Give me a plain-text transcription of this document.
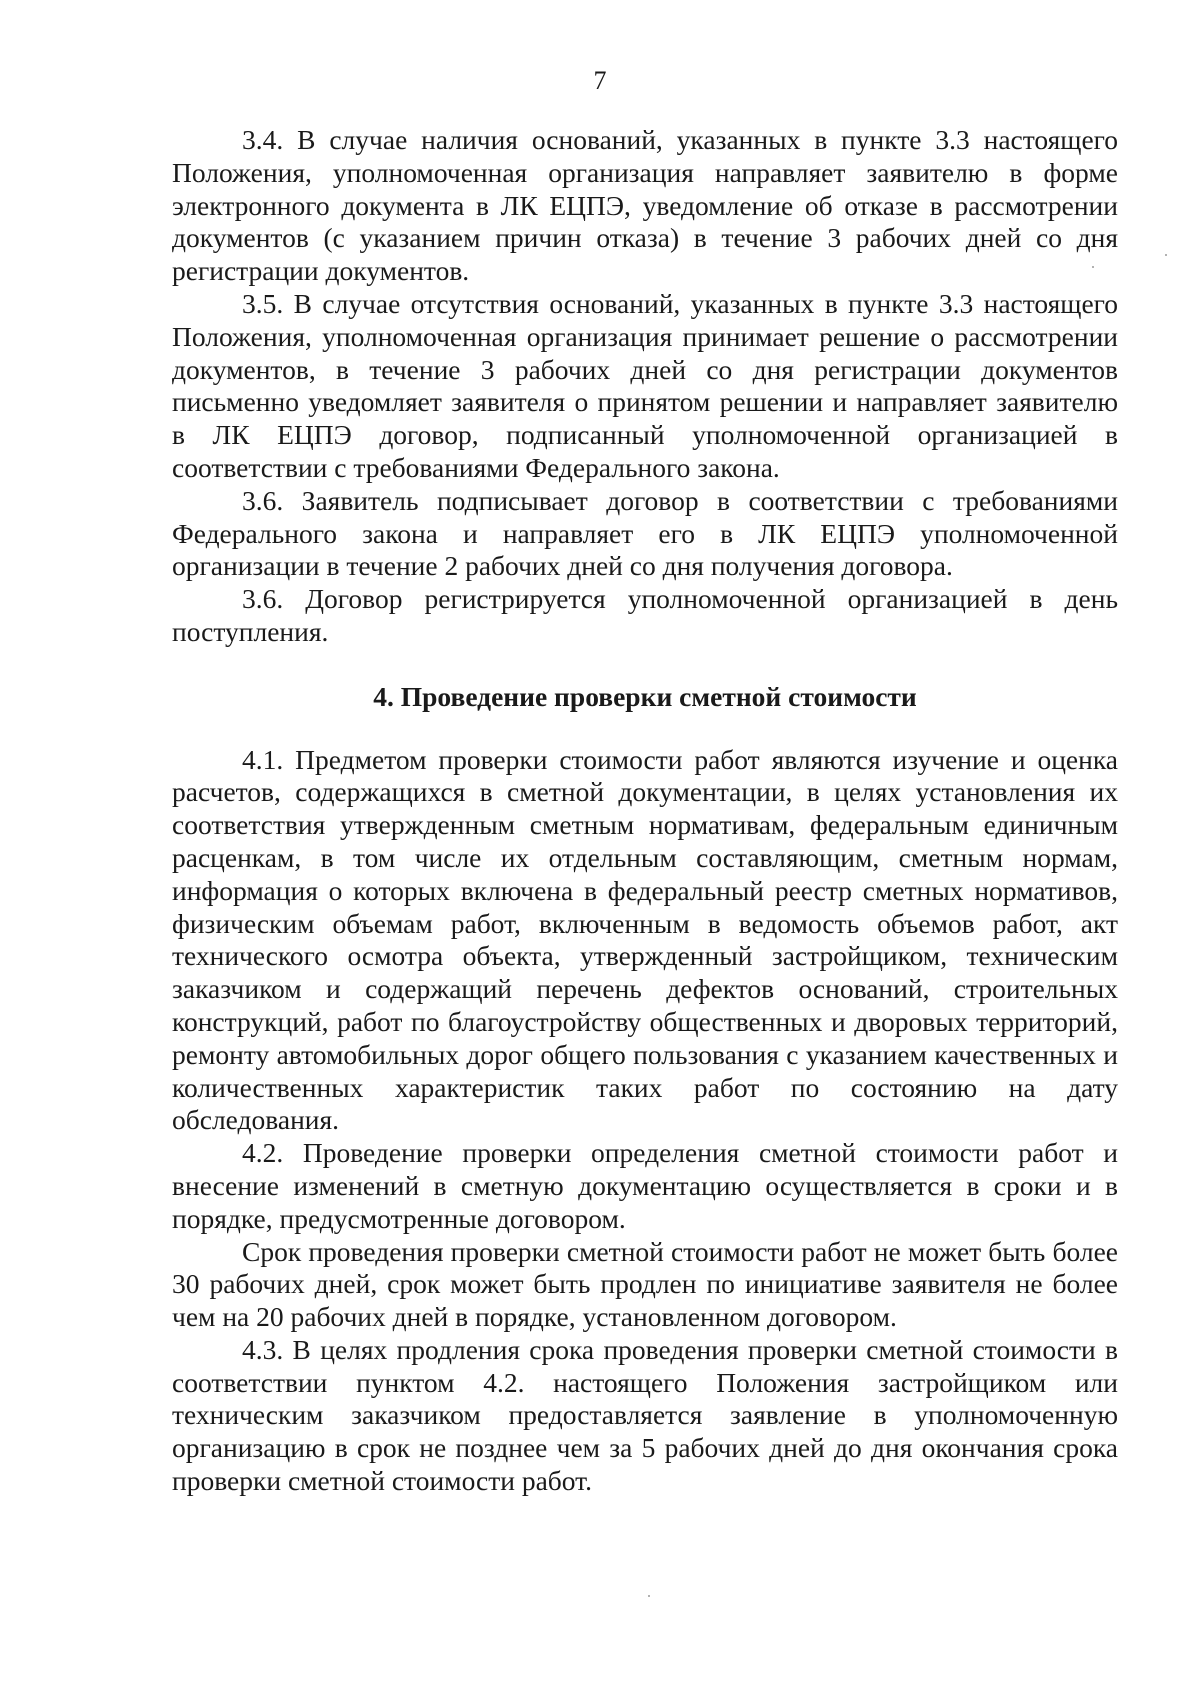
7

3.4. В случае наличия оснований, указанных в пункте 3.3 настоящего Положения, уполномоченная организация направляет заявителю в форме электронного документа в ЛК ЕЦПЭ, уведомление об отказе в рассмотрении документов (с указанием причин отказа) в течение 3 рабочих дней со дня регистрации документов.

3.5. В случае отсутствия оснований, указанных в пункте 3.3 настоящего Положения, уполномоченная организация принимает решение о рассмотрении документов, в течение 3 рабочих дней со дня регистрации документов письменно уведомляет заявителя о принятом решении и направляет заявителю в ЛК ЕЦПЭ договор, подписанный уполномоченной организацией в соответствии с требованиями Федерального закона.

3.6. Заявитель подписывает договор в соответствии с требованиями Федерального закона и направляет его в ЛК ЕЦПЭ уполномоченной организации в течение 2 рабочих дней со дня получения договора.

3.6. Договор регистрируется уполномоченной организацией в день поступления.

4. Проведение проверки сметной стоимости

4.1. Предметом проверки стоимости работ являются изучение и оценка расчетов, содержащихся в сметной документации, в целях установления их соответствия утвержденным сметным нормативам, федеральным единичным расценкам, в том числе их отдельным составляющим, сметным нормам, информация о которых включена в федеральный реестр сметных нормативов, физическим объемам работ, включенным в ведомость объемов работ, акт технического осмотра объекта, утвержденный застройщиком, техническим заказчиком и содержащий перечень дефектов оснований, строительных конструкций, работ по благоустройству общественных и дворовых территорий, ремонту автомобильных дорог общего пользования с указанием качественных и количественных характеристик таких работ по состоянию на дату обследования.

4.2. Проведение проверки определения сметной стоимости работ и внесение изменений в сметную документацию осуществляется в сроки и в порядке, предусмотренные договором.

Срок проведения проверки сметной стоимости работ не может быть более 30 рабочих дней, срок может быть продлен по инициативе заявителя не более чем на 20 рабочих дней в порядке, установленном договором.

4.3. В целях продления срока проведения проверки сметной стоимости в соответствии пунктом 4.2. настоящего Положения застройщиком или техническим заказчиком предоставляется заявление в уполномоченную организацию в срок не позднее чем за 5 рабочих дней до дня окончания срока проверки сметной стоимости работ.
